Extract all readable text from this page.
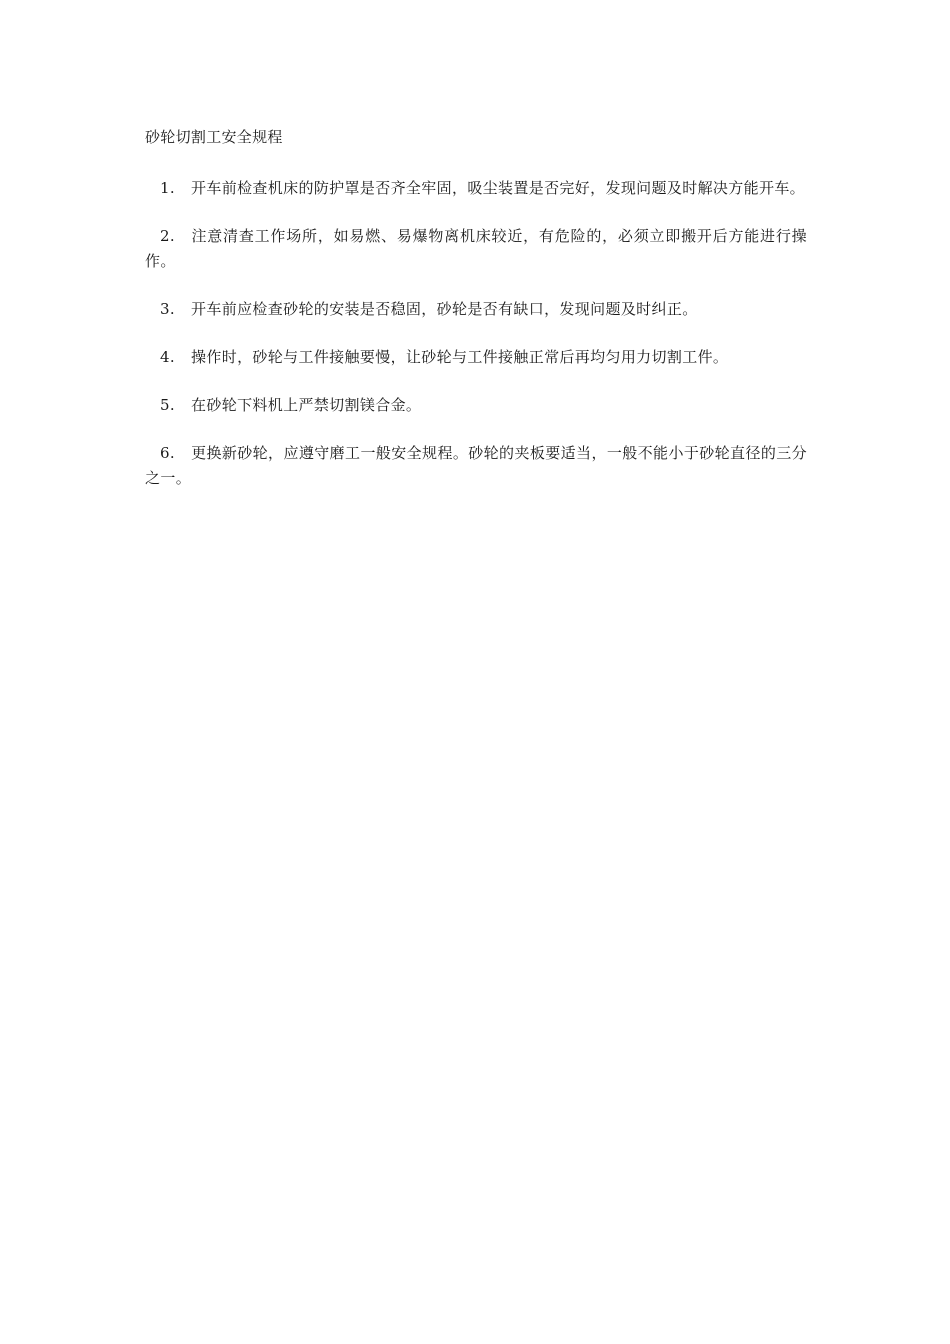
砂轮切割工安全规程
1. 开车前检查机床的防护罩是否齐全牢固，吸尘装置是否完好，发现问题及时解决方能开车。
2. 注意清查工作场所，如易燃、易爆物离机床较近，有危险的，必须立即搬开后方能进行操作。
3. 开车前应检查砂轮的安装是否稳固，砂轮是否有缺口，发现问题及时纠正。
4. 操作时，砂轮与工件接触要慢，让砂轮与工件接触正常后再均匀用力切割工件。
5. 在砂轮下料机上严禁切割镁合金。
6. 更换新砂轮，应遵守磨工一般安全规程。砂轮的夹板要适当，一般不能小于砂轮直径的三分之一。
